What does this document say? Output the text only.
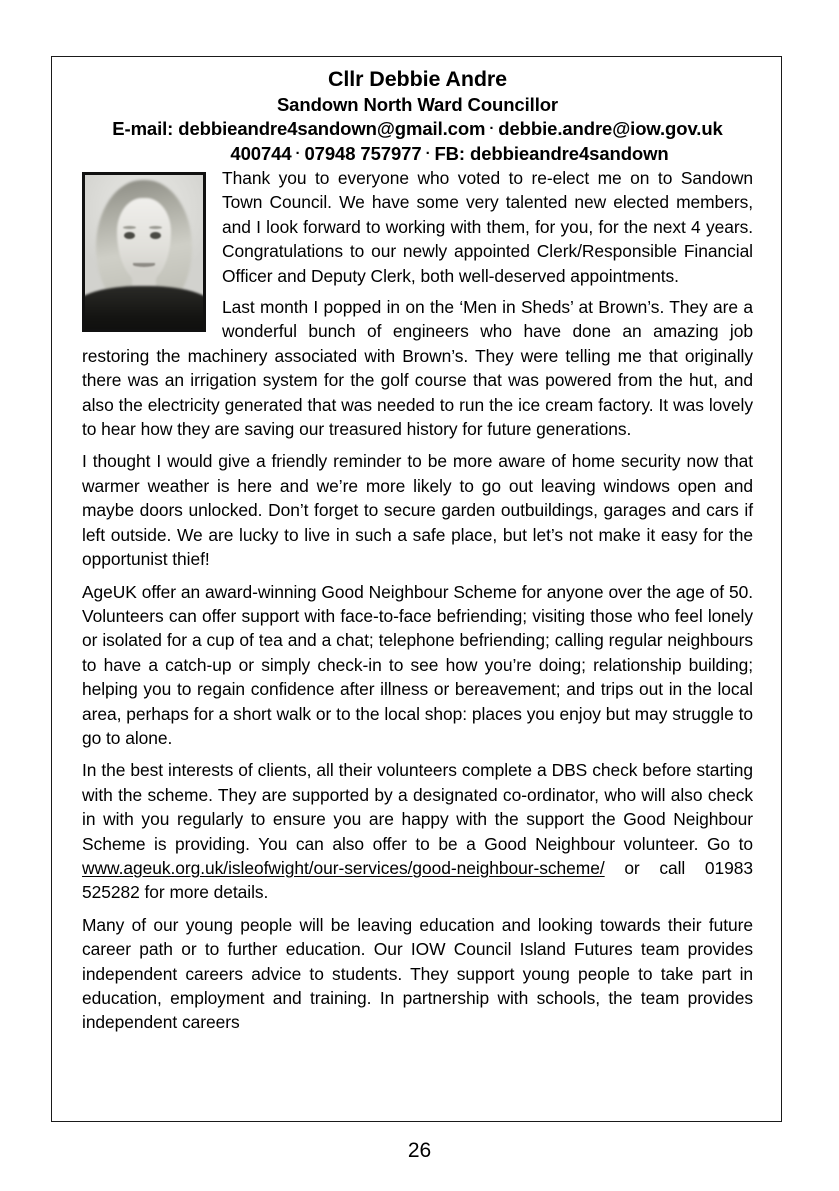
Cllr Debbie Andre
Sandown North Ward Councillor
E-mail: debbieandre4sandown@gmail.com · debbie.andre@iow.gov.uk
400744 · 07948 757977 · FB: debbieandre4sandown

Thank you to everyone who voted to re-elect me on to Sandown Town Council. We have some very talented new elected members, and I look forward to working with them, for you, for the next 4 years. Congratulations to our newly appointed Clerk/Responsible Financial Officer and Deputy Clerk, both well-deserved appointments.

Last month I popped in on the ‘Men in Sheds’ at Brown’s. They are a wonderful bunch of engineers who have done an amazing job restoring the machinery associated with Brown’s. They were telling me that originally there was an irrigation system for the golf course that was powered from the hut, and also the electricity generated that was needed to run the ice cream factory. It was lovely to hear how they are saving our treasured history for future generations.

I thought I would give a friendly reminder to be more aware of home security now that warmer weather is here and we’re more likely to go out leaving windows open and maybe doors unlocked. Don’t forget to secure garden outbuildings, garages and cars if left outside. We are lucky to live in such a safe place, but let’s not make it easy for the opportunist thief!

AgeUK offer an award-winning Good Neighbour Scheme for anyone over the age of 50. Volunteers can offer support with face-to-face befriending; visiting those who feel lonely or isolated for a cup of tea and a chat; telephone befriending; calling regular neighbours to have a catch-up or simply check-in to see how you’re doing; relationship building; helping you to regain confidence after illness or bereavement; and trips out in the local area, perhaps for a short walk or to the local shop: places you enjoy but may struggle to go to alone.

In the best interests of clients, all their volunteers complete a DBS check before starting with the scheme. They are supported by a designated co-ordinator, who will also check in with you regularly to ensure you are happy with the support the Good Neighbour Scheme is providing. You can also offer to be a Good Neighbour volunteer. Go to www.ageuk.org.uk/isleofwight/our-services/good-neighbour-scheme/ or call 01983 525282 for more details.

Many of our young people will be leaving education and looking towards their future career path or to further education. Our IOW Council Island Futures team provides independent careers advice to students. They support young people to take part in education, employment and training. In partnership with schools, the team provides independent careers

26
